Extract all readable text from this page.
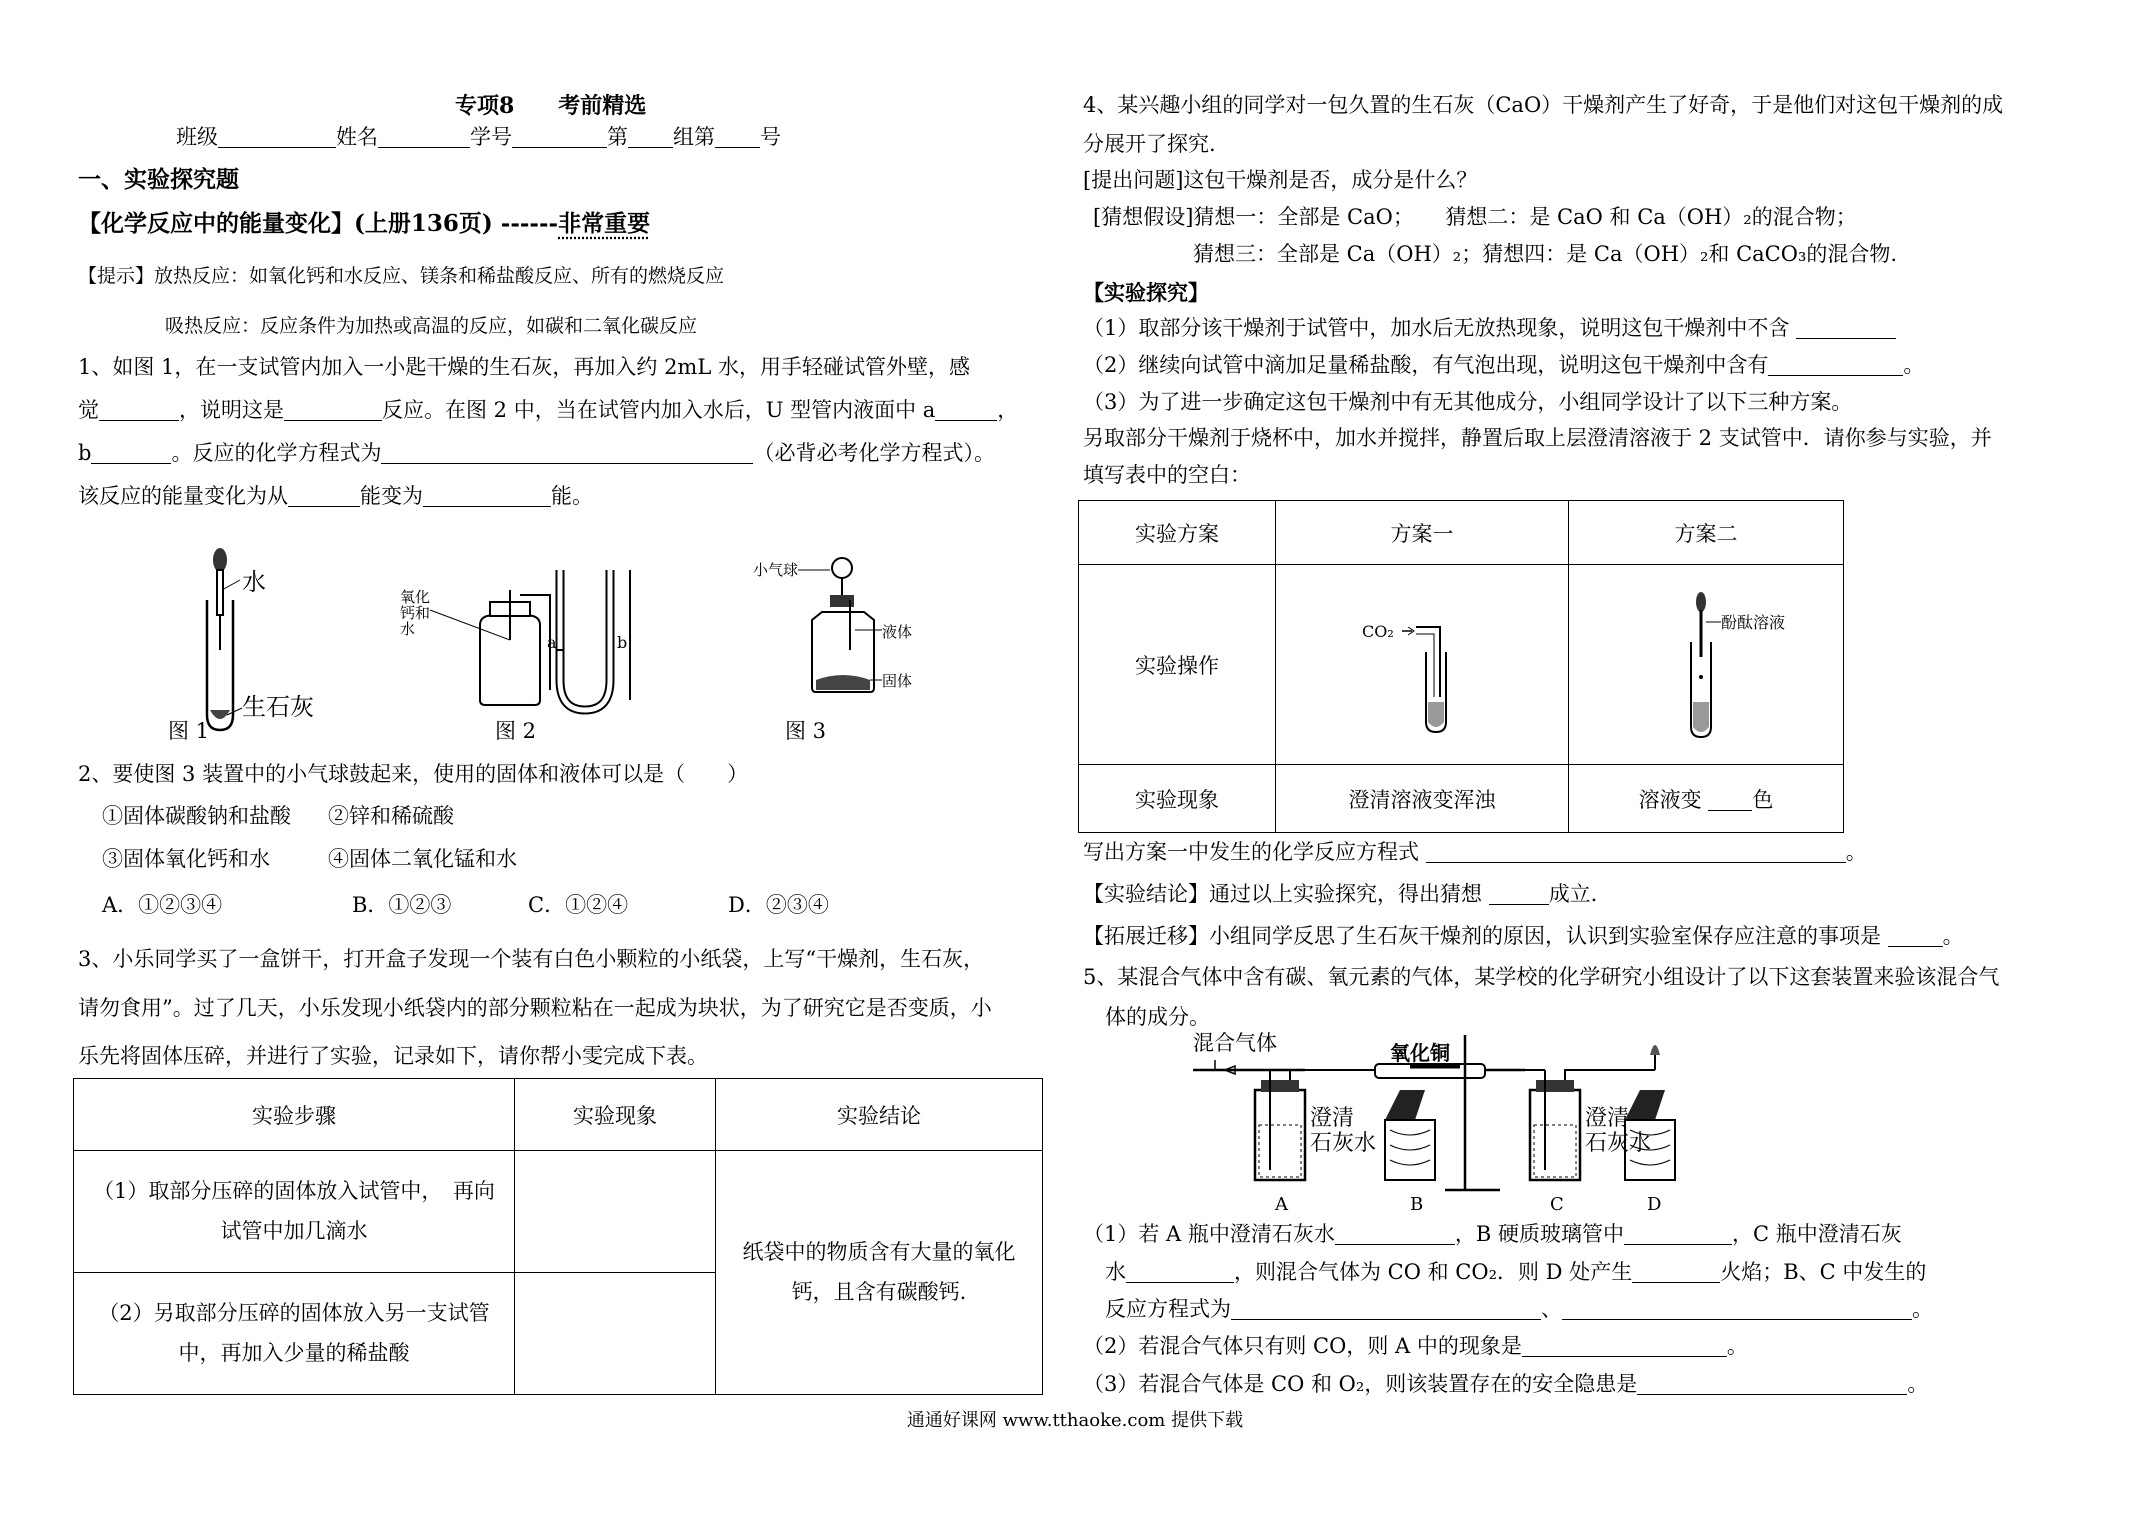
专项8　　考前精选
班级	姓名	学号	第 组第 号
一、实验探究题
【化学反应中的能量变化】(上册136页) ------非常重要
【提示】放热反应：如氧化钙和水反应、镁条和稀盐酸反应、所有的燃烧反应
吸热反应：反应条件为加热或高温的反应，如碳和二氧化碳反应
1、如图 1，在一支试管内加入一小匙干燥的生石灰，再加入约 2mL 水，用手轻碰试管外壁，感
觉	，说明这是	反应。在图 2 中，当在试管内加入水后，U 型管内液面中 a	，
b	。反应的化学方程式为	（必背必考化学方程式）。
该反应的能量变化为从	能变为	能。
水
生石灰
图 1
氧化
钙和
水
a	b
图 2
小气球
液体
固体
图 3
2、要使图 3 装置中的小气球鼓起来，使用的固体和液体可以是（　　）
①固体碳酸钠和盐酸 ②锌和稀硫酸
③固体氧化钙和水	④固体二氧化锰和水
A．①②③④	B．①②③	C．①②④	D．②③④
3、小乐同学买了一盒饼干，打开盒子发现一个装有白色小颗粒的小纸袋，上写“干燥剂，生石灰，
请勿食用”。过了几天，小乐发现小纸袋内的部分颗粒粘在一起成为块状，为了研究它是否变质，小
乐先将固体压碎，并进行了实验，记录如下，请你帮小雯完成下表。
实验步骤	实验现象	实验结论
（1）取部分压碎的固体放入试管中，　再向
试管中加几滴水		纸袋中的物质含有大量的氧化
钙，且含有碳酸钙.
（2）另取部分压碎的固体放入另一支试管
中，再加入少量的稀盐酸		
4、某兴趣小组的同学对一包久置的生石灰（CaO）干燥剂产生了好奇，于是他们对这包干燥剂的成
分展开了探究.
[提出问题]这包干燥剂是否，成分是什么？
[猜想假设]猜想一：全部是 CaO；　　猜想二：是 CaO 和 Ca（OH）₂的混合物；
猜想三：全部是 Ca（OH）₂；猜想四：是 Ca（OH）₂和 CaCO₃的混合物.
【实验探究】
（1）取部分该干燥剂于试管中，加水后无放热现象，说明这包干燥剂中不含
（2）继续向试管中滴加足量稀盐酸，有气泡出现，说明这包干燥剂中含有	。
（3）为了进一步确定这包干燥剂中有无其他成分，小组同学设计了以下三种方案。
另取部分干燥剂于烧杯中，加水并搅拌，静置后取上层澄清溶液于 2 支试管中．请你参与实验，并
填写表中的空白：
实验方案	方案一	方案二
实验操作	CO₂	酚酞溶液

实验现象	澄清溶液变浑浊	溶液变 色
写出方案一中发生的化学反应方程式	。
【实验结论】通过以上实验探究，得出猜想	成立.
【拓展迁移】小组同学反思了生石灰干燥剂的原因，认识到实验室保存应注意的事项是	。
5、某混合气体中含有碳、氧元素的气体，某学校的化学研究小组设计了以下这套装置来验该混合气
体的成分。
混合气体
澄清
石灰水
A
氧化铜
B
澄清
石灰水
C	D
（1）若 A 瓶中澄清石灰水	，B 硬质玻璃管中	，C 瓶中澄清石灰
水	，则混合气体为 CO 和 CO₂．则 D 处产生	火焰；B、C 中发生的
反应方程式为	、	。
（2）若混合气体只有则 CO，则 A 中的现象是	。
（3）若混合气体是 CO 和 O₂，则该装置存在的安全隐患是	。
通通好课网 www.tthaoke.com 提供下载
